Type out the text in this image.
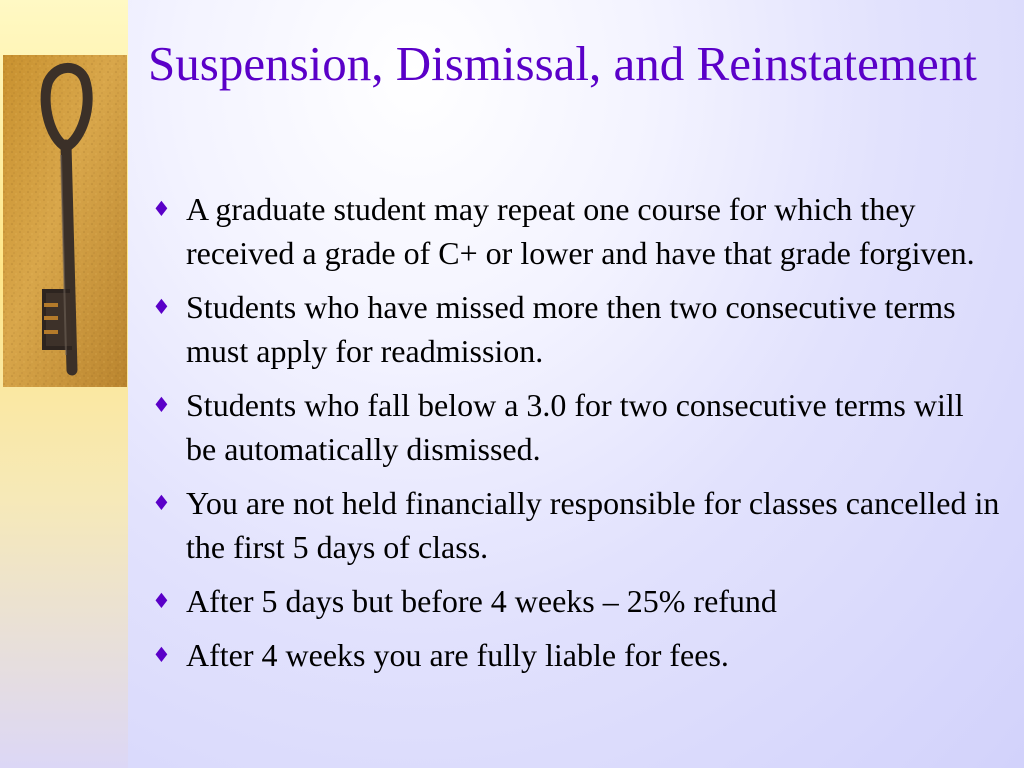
Suspension, Dismissal, and Reinstatement
♦ A graduate student may repeat one course for which they received a grade of C+ or lower and have that grade forgiven.
♦ Students who have missed more then two consecutive terms must apply for readmission.
♦ Students who fall below a 3.0 for two consecutive terms will be automatically dismissed.
♦ You are not held financially responsible for classes cancelled in the first 5 days of class.
♦ After 5 days but before 4 weeks – 25% refund
♦ After 4 weeks you are fully liable for fees.
